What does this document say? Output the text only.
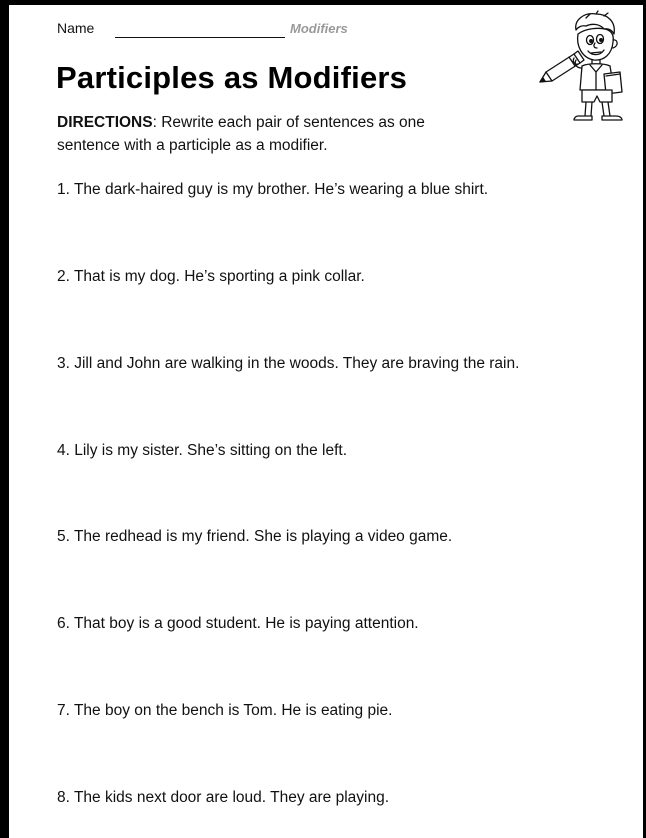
Name	Modifiers
Participles as Modifiers
DIRECTIONS: Rewrite each pair of sentences as one sentence with a participle as a modifier.
1. The dark-haired guy is my brother. He’s wearing a blue shirt.
2. That is my dog. He’s sporting a pink collar.
3. Jill and John are walking in the woods. They are braving the rain.
4. Lily is my sister. She’s sitting on the left.
5. The redhead is my friend. She is playing a video game.
6. That boy is a good student. He is paying attention.
7. The boy on the bench is Tom. He is eating pie.
8. The kids next door are loud. They are playing.
